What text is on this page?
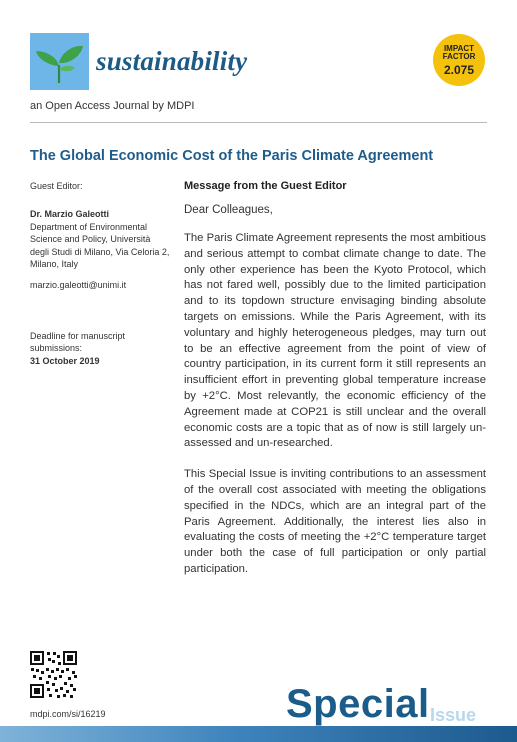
sustainability	IMPACT
FACTOR
2.075
an Open Access Journal by MDPI
The Global Economic Cost of the Paris Climate Agreement
Guest Editor:
Dr. Marzio Galeotti
Department of Environmental Science and Policy, Università degli Studi di Milano, Via Celoria 2, Milano, Italy
marzio.galeotti@unimi.it
Deadline for manuscript submissions:
31 October 2019
Message from the Guest Editor
Dear Colleagues,

The Paris Climate Agreement represents the most ambitious and serious attempt to combat climate change to date. The only other experience has been the Kyoto Protocol, which has not fared well, possibly due to the limited participation and to its topdown structure envisaging binding absolute targets on emissions. While the Paris Agreement, with its voluntary and highly heterogeneous pledges, may turn out to be an effective agreement from the point of view of country participation, in its current form it still represents an insufficient effort in preventing global temperature increase by +2°C. Most relevantly, the economic efficiency of the Agreement made at COP21 is still unclear and the overall economic costs are a topic that as of now is still largely un-assessed and un-researched.

This Special Issue is inviting contributions to an assessment of the overall cost associated with meeting the obligations specified in the NDCs, which are an integral part of the Paris Agreement. Additionally, the interest lies also in evaluating the costs of meeting the +2°C temperature target under both the case of full participation or only partial participation.

mdpi.com/si/16219	Special Issue
